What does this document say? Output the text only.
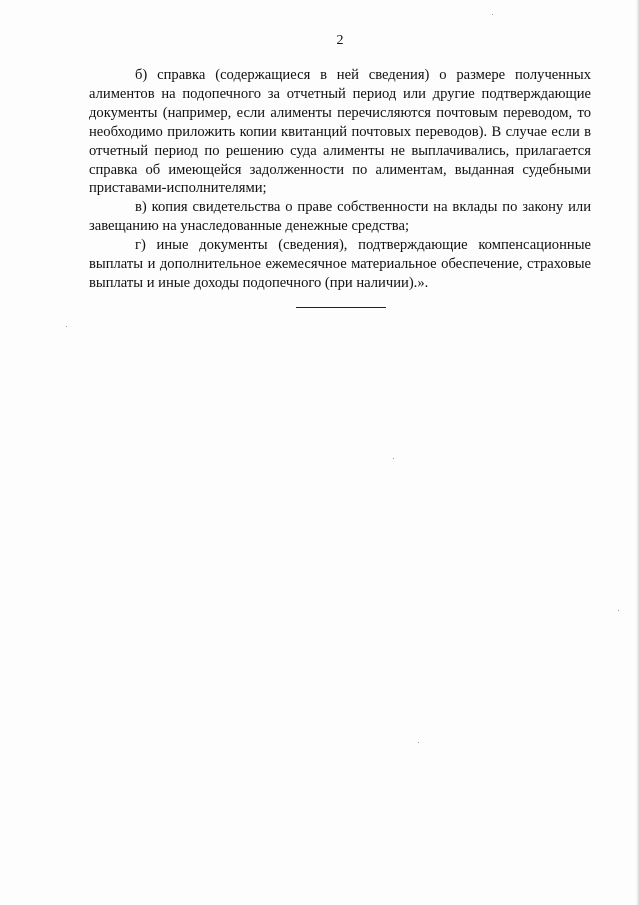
2

б) справка (содержащиеся в ней сведения) о размере полученных алиментов на подопечного за отчетный период или другие подтверждающие документы (например, если алименты перечисляются почтовым переводом, то необходимо приложить копии квитанций почтовых переводов). В случае если в отчетный период по решению суда алименты не выплачивались, прилагается справка об имеющейся задолженности по алиментам, выданная судебными приставами-исполнителями;

в) копия свидетельства о праве собственности на вклады по закону или завещанию на унаследованные денежные средства;

г) иные документы (сведения), подтверждающие компенсационные выплаты и дополнительное ежемесячное материальное обеспечение, страховые выплаты и иные доходы подопечного (при наличии).».
